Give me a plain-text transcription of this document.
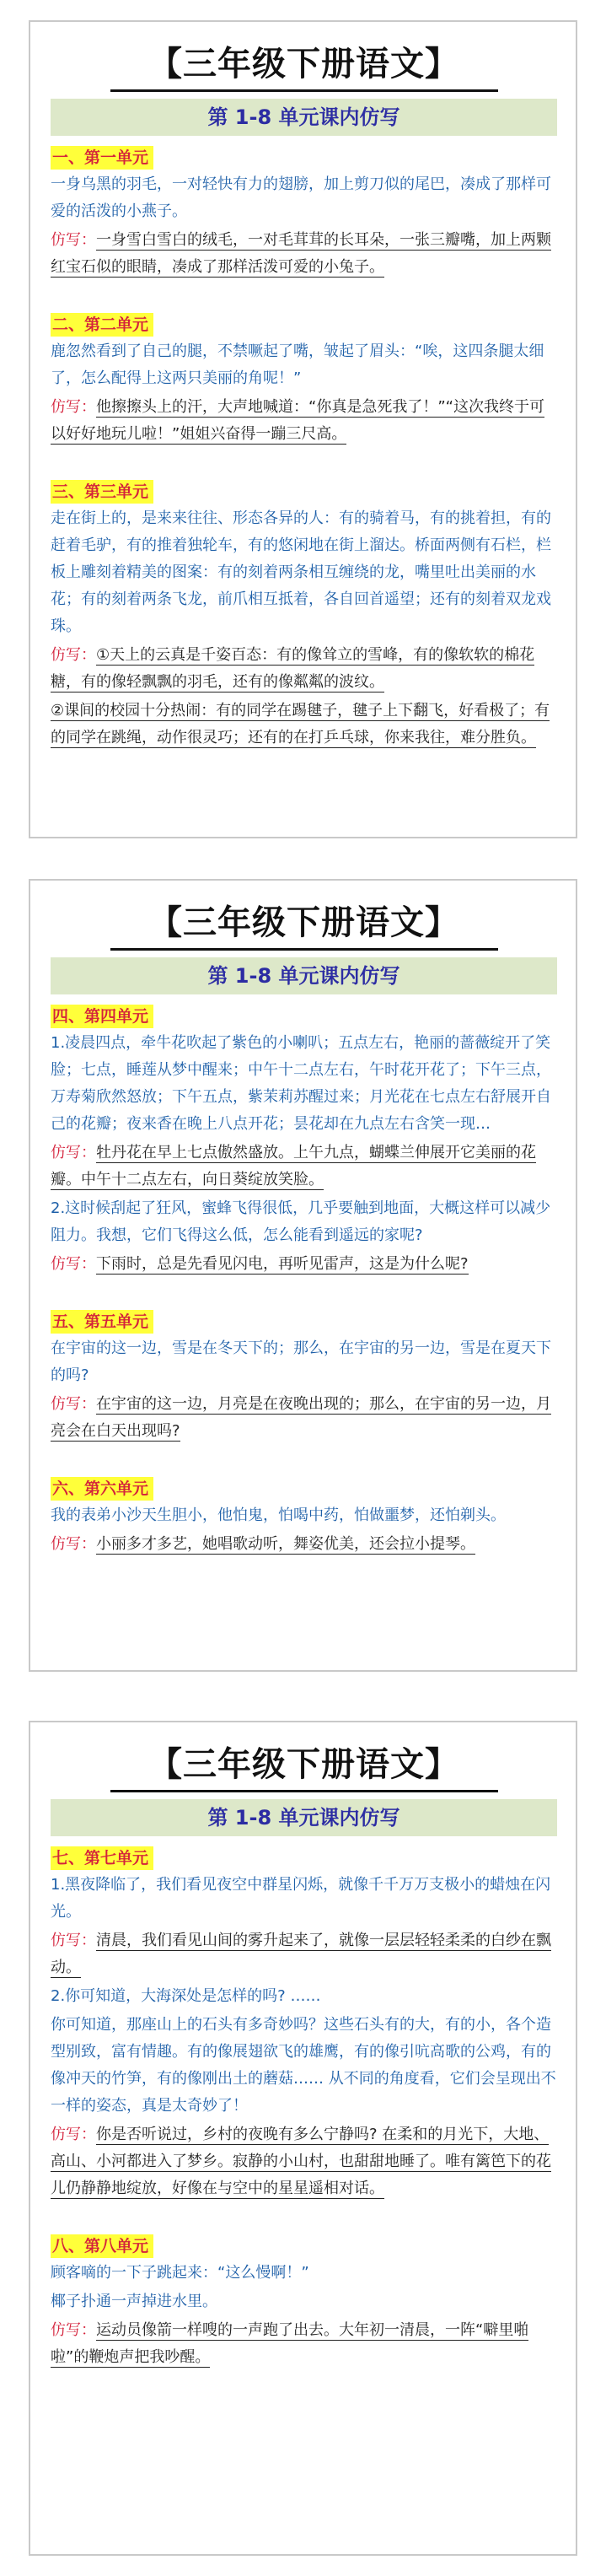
【三年级下册语文】
第 1-8 单元课内仿写
一、第一单元
一身乌黑的羽毛，一对轻快有力的翅膀，加上剪刀似的尾巴，凑成了那样可爱的活泼的小燕子。
仿写：一身雪白雪白的绒毛，一对毛茸茸的长耳朵，一张三瓣嘴，加上两颗红宝石似的眼睛，凑成了那样活泼可爱的小兔子。
二、第二单元
鹿忽然看到了自己的腿，不禁噘起了嘴，皱起了眉头：“唉，这四条腿太细了，怎么配得上这两只美丽的角呢！”
仿写：他擦擦头上的汗，大声地喊道：“你真是急死我了！”“这次我终于可以好好地玩儿啦！”姐姐兴奋得一蹦三尺高。
三、第三单元
走在街上的，是来来往往、形态各异的人：有的骑着马，有的挑着担，有的赶着毛驴，有的推着独轮车，有的悠闲地在街上溜达。桥面两侧有石栏，栏板上雕刻着精美的图案：有的刻着两条相互缠绕的龙，嘴里吐出美丽的水花；有的刻着两条飞龙，前爪相互抵着，各自回首遥望；还有的刻着双龙戏珠。
仿写：①天上的云真是千姿百态：有的像耸立的雪峰，有的像软软的棉花糖，有的像轻飘飘的羽毛，还有的像粼粼的波纹。
②课间的校园十分热闹：有的同学在踢毽子，毽子上下翻飞，好看极了；有的同学在跳绳，动作很灵巧；还有的在打乒乓球，你来我往，难分胜负。
【三年级下册语文】
第 1-8 单元课内仿写
四、第四单元
1.凌晨四点，牵牛花吹起了紫色的小喇叭；五点左右，艳丽的蔷薇绽开了笑脸；七点，睡莲从梦中醒来；中午十二点左右，午时花开花了；下午三点，万寿菊欣然怒放；下午五点，紫茉莉苏醒过来；月光花在七点左右舒展开自己的花瓣；夜来香在晚上八点开花；昙花却在九点左右含笑一现…
仿写：牡丹花在早上七点傲然盛放。上午九点，蝴蝶兰伸展开它美丽的花瓣。中午十二点左右，向日葵绽放笑脸。
2.这时候刮起了狂风，蜜蜂飞得很低，几乎要触到地面，大概这样可以减少阻力。我想，它们飞得这么低，怎么能看到遥远的家呢?
仿写：下雨时，总是先看见闪电，再听见雷声，这是为什么呢?
五、第五单元
在宇宙的这一边，雪是在冬天下的；那么，在宇宙的另一边，雪是在夏天下的吗?
仿写：在宇宙的这一边，月亮是在夜晚出现的；那么，在宇宙的另一边，月亮会在白天出现吗?
六、第六单元
我的表弟小沙天生胆小，他怕鬼，怕喝中药，怕做噩梦，还怕剃头。
仿写：小丽多才多艺，她唱歌动听，舞姿优美，还会拉小提琴。
【三年级下册语文】
第 1-8 单元课内仿写
七、第七单元
1.黑夜降临了，我们看见夜空中群星闪烁，就像千千万万支极小的蜡烛在闪光。
仿写：清晨，我们看见山间的雾升起来了，就像一层层轻轻柔柔的白纱在飘动。
2.你可知道，大海深处是怎样的吗? ……
你可知道，那座山上的石头有多奇妙吗？这些石头有的大，有的小，各个造型别致，富有情趣。有的像展翅欲飞的雄鹰，有的像引吭高歌的公鸡，有的像冲天的竹笋，有的像刚出土的蘑菇…… 从不同的角度看，它们会呈现出不一样的姿态，真是太奇妙了！
仿写：你是否听说过，乡村的夜晚有多么宁静吗? 在柔和的月光下，大地、高山、小河都进入了梦乡。寂静的小山村，也甜甜地睡了。唯有篱笆下的花儿仍静静地绽放，好像在与空中的星星遥相对话。
八、第八单元
顾客嘀的一下子跳起来：“这么慢啊！”
椰子扑通一声掉进水里。
仿写：运动员像箭一样嗖的一声跑了出去。大年初一清晨，一阵“噼里啪啦”的鞭炮声把我吵醒。
